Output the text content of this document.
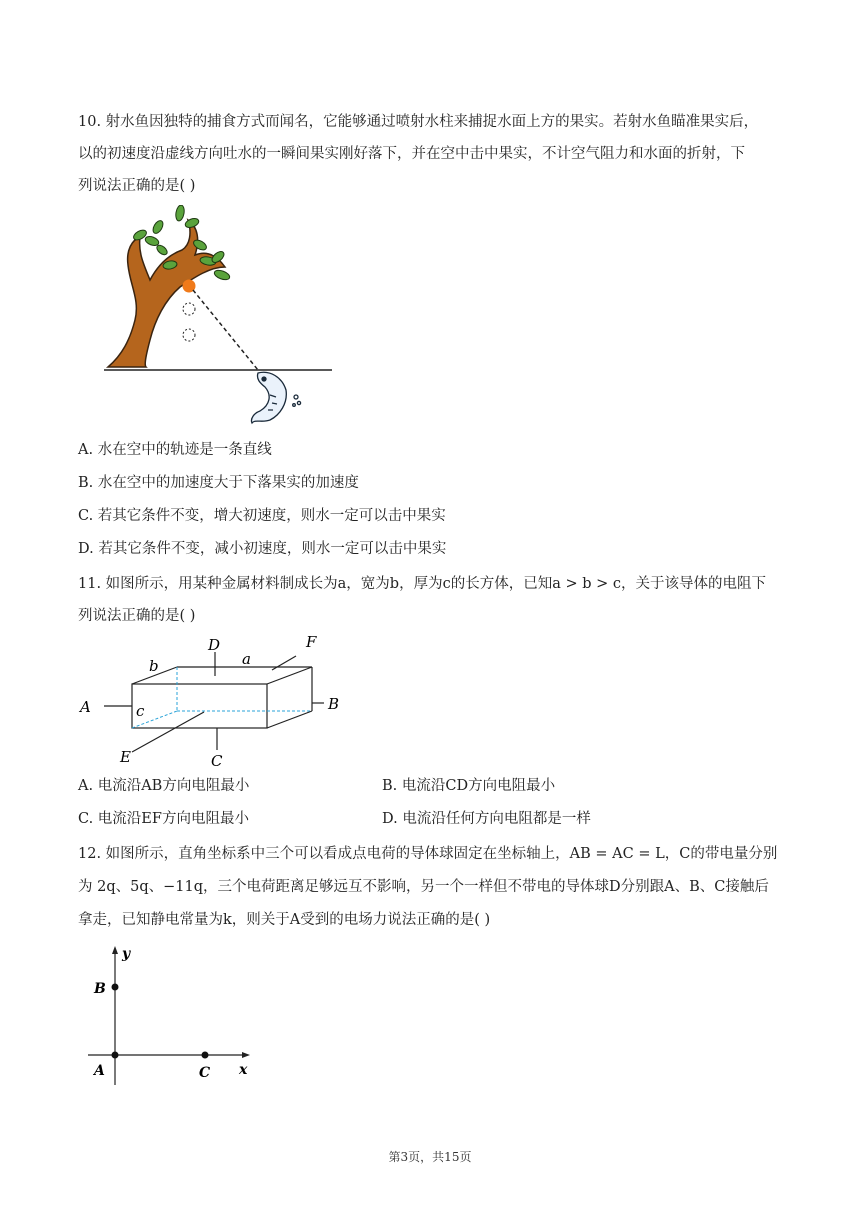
10. 射水鱼因独特的捕食方式而闻名，它能够通过喷射水柱来捕捉水面上方的果实。若射水鱼瞄准果实后，
以的初速度沿虚线方向吐水的一瞬间果实刚好落下，并在空中击中果实，不计空气阻力和水面的折射，下
列说法正确的是( )
A. 水在空中的轨迹是一条直线
B. 水在空中的加速度大于下落果实的加速度
C. 若其它条件不变，增大初速度，则水一定可以击中果实
D. 若其它条件不变，减小初速度，则水一定可以击中果实
11. 如图所示，用某种金属材料制成长为a，宽为b，厚为c的长方体，已知a > b > c，关于该导体的电阻下
列说法正确的是( )
A	B
D
C
E
F
a
b
c
A. 电流沿AB方向电阻最小	B. 电流沿CD方向电阻最小
C. 电流沿EF方向电阻最小	D. 电流沿任何方向电阻都是一样
12. 如图所示，直角坐标系中三个可以看成点电荷的导体球固定在坐标轴上，AB = AC = L，C的带电量分别
为 2q、5q、−11q，三个电荷距离足够远互不影响，另一个一样但不带电的导体球D分别跟A、B、C接触后
拿走，已知静电常量为k，则关于A受到的电场力说法正确的是( )
y
x
B
A	C
第3页，共15页
